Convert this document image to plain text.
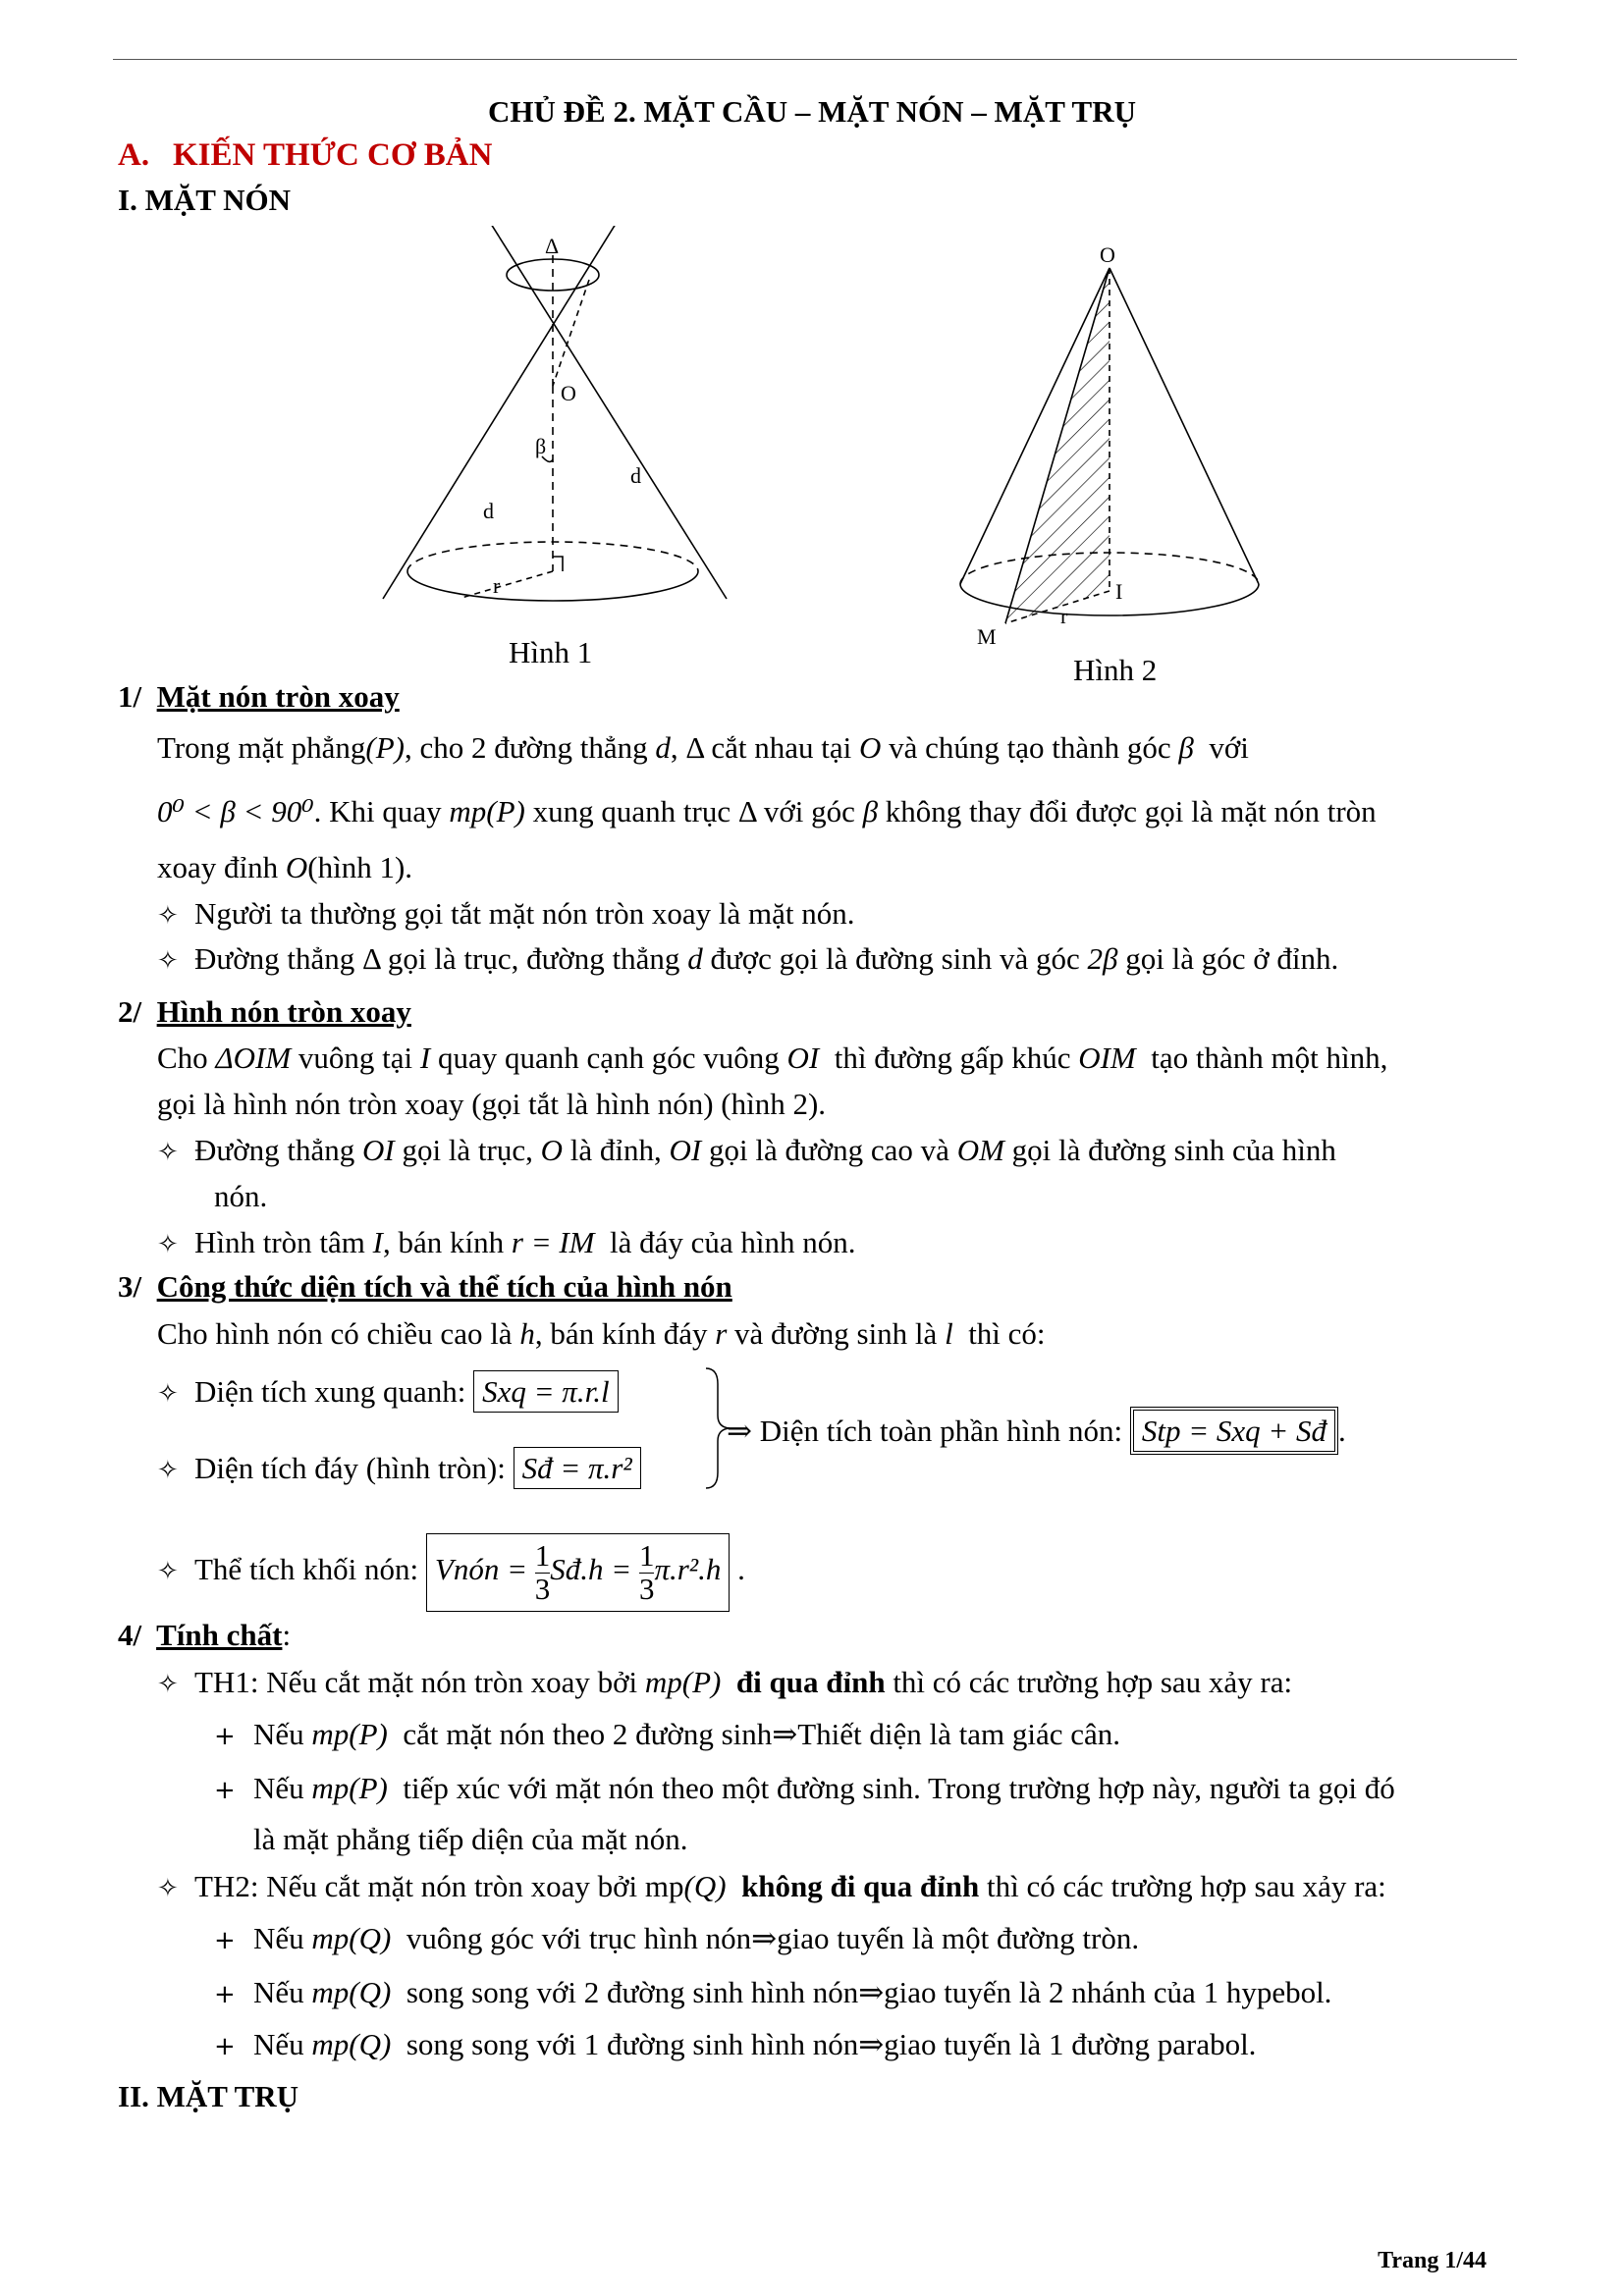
CHỦ ĐỀ 2. MẶT CẦU – MẶT NÓN – MẶT TRỤ
A. KIẾN THỨC CƠ BẢN
I. MẶT NÓN
Δ
O
β
d
d
r
Hình 1
O
I
M
r
Hình 2
1/ Mặt nón tròn xoay
Trong mặt phẳng(P), cho 2 đường thẳng d, Δ cắt nhau tại O và chúng tạo thành góc β với
0⁰ < β < 90⁰. Khi quay mp(P) xung quanh trục Δ với góc β không thay đổi được gọi là mặt nón tròn
xoay đỉnh O(hình 1).
✧ Người ta thường gọi tắt mặt nón tròn xoay là mặt nón.
✧ Đường thẳng Δ gọi là trục, đường thẳng d được gọi là đường sinh và góc 2β gọi là góc ở đỉnh.
2/ Hình nón tròn xoay
Cho ΔOIM vuông tại I quay quanh cạnh góc vuông OI thì đường gấp khúc OIM tạo thành một hình,
gọi là hình nón tròn xoay (gọi tắt là hình nón) (hình 2).
✧ Đường thẳng OI gọi là trục, O là đỉnh, OI gọi là đường cao và OM gọi là đường sinh của hình
nón.
✧ Hình tròn tâm I, bán kính r = IM là đáy của hình nón.
3/ Công thức diện tích và thể tích của hình nón
Cho hình nón có chiều cao là h, bán kính đáy r và đường sinh là l thì có:
✧ Diện tích xung quanh: Sxq = π.r.l
✧ Diện tích đáy (hình tròn): Sđ = π.r²
⇒ Diện tích toàn phần hình nón: Stp = Sxq + Sđ .
✧ Thể tích khối nón: Vnón = $\frac{1}{3}$ Sđ.h = $\frac{1}{3} \pi.r^2.h$ .
4/ Tính chất:
✧ TH1: Nếu cắt mặt nón tròn xoay bởi mp(P) đi qua đỉnh thì có các trường hợp sau xảy ra:
+ Nếu mp(P) cắt mặt nón theo 2 đường sinh⇒Thiết diện là tam giác cân.
+ Nếu mp(P) tiếp xúc với mặt nón theo một đường sinh. Trong trường hợp này, người ta gọi đó
là mặt phẳng tiếp diện của mặt nón.
✧ TH2: Nếu cắt mặt nón tròn xoay bởi mp(Q) không đi qua đỉnh thì có các trường hợp sau xảy ra:
+ Nếu mp(Q) vuông góc với trục hình nón⇒giao tuyến là một đường tròn.
+ Nếu mp(Q) song song với 2 đường sinh hình nón⇒giao tuyến là 2 nhánh của 1 hypebol.
+ Nếu mp(Q) song song với 1 đường sinh hình nón⇒giao tuyến là 1 đường parabol.
II. MẶT TRỤ
Trang 1/44
